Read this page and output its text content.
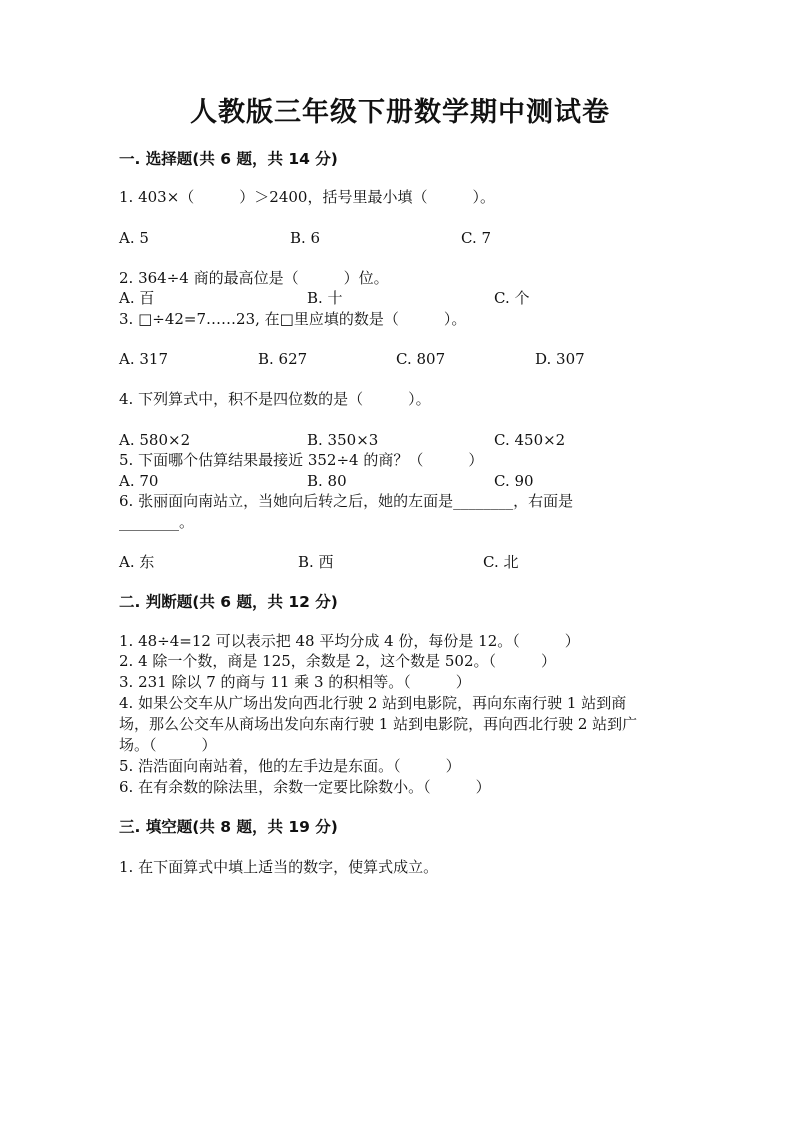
人教版三年级下册数学期中测试卷
一. 选择题(共 6 题，共 14 分)
1. 403×（　　　）＞2400，括号里最小填（　　　）。
A. 5	B. 6	C. 7
2. 364÷4 商的最高位是（　　　）位。
A. 百	B. 十	C. 个
3. □÷42=7……23, 在□里应填的数是（　　　）。
A. 317	B. 627	C. 807	D. 307
4. 下列算式中，积不是四位数的是（　　　）。
A. 580×2	B. 350×3	C. 450×2
5. 下面哪个估算结果最接近 352÷4 的商？（　　　）
A. 70	B. 80	C. 90
6. 张丽面向南站立，当她向后转之后，她的左面是________，右面是
________。
A. 东	B. 西	C. 北
二. 判断题(共 6 题，共 12 分)
1. 48÷4=12 可以表示把 48 平均分成 4 份，每份是 12。（　　　）
2. 4 除一个数，商是 125，余数是 2，这个数是 502。（　　　）
3. 231 除以 7 的商与 11 乘 3 的积相等。（　　　）
4. 如果公交车从广场出发向西北行驶 2 站到电影院，再向东南行驶 1 站到商
场，那么公交车从商场出发向东南行驶 1 站到电影院，再向西北行驶 2 站到广
场。（　　　）
5. 浩浩面向南站着，他的左手边是东面。（　　　）
6. 在有余数的除法里，余数一定要比除数小。（　　　）
三. 填空题(共 8 题，共 19 分)
1. 在下面算式中填上适当的数字，使算式成立。
